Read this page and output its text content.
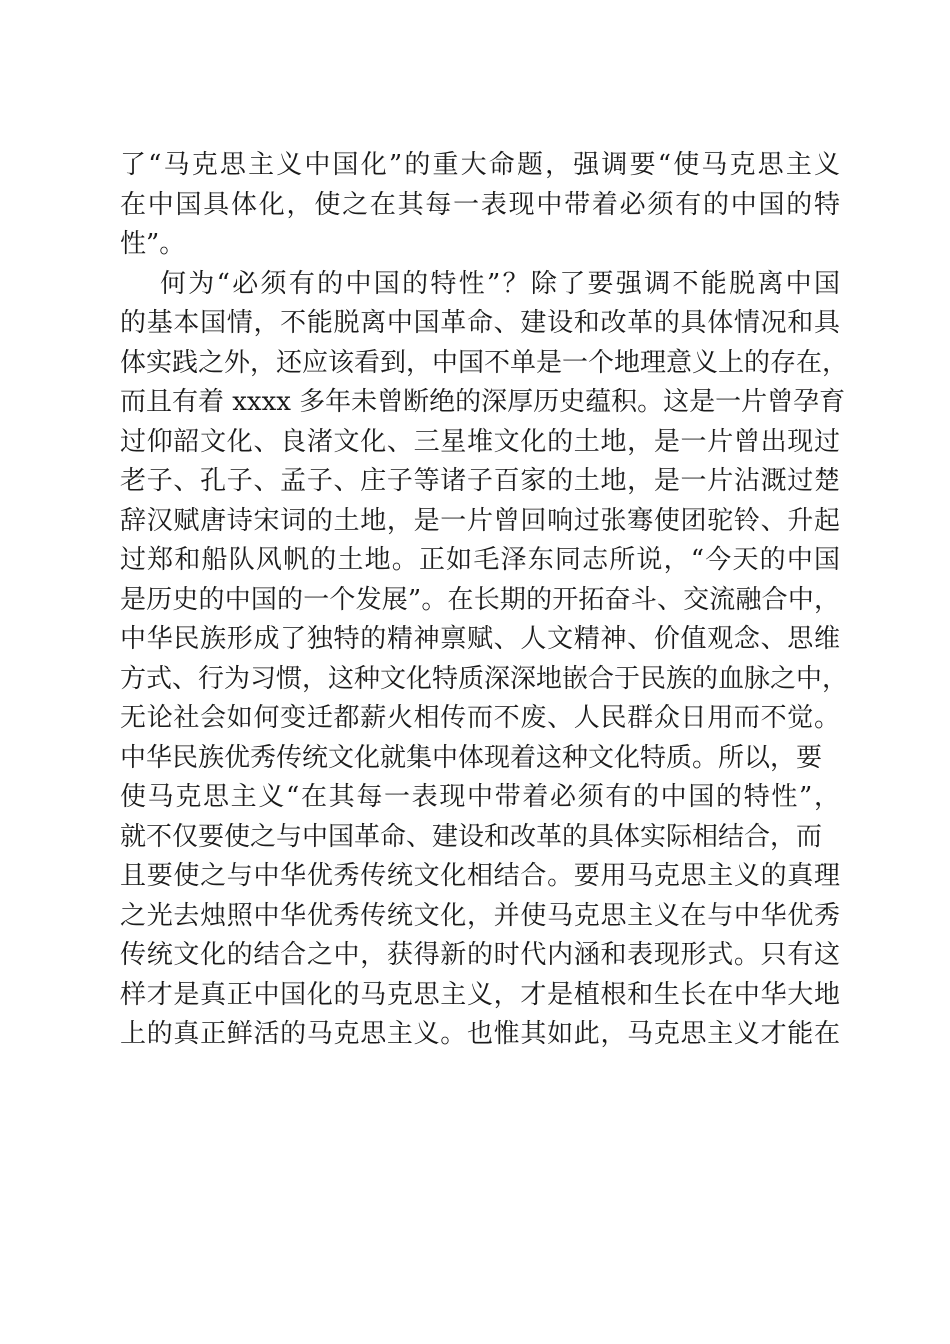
了“马克思主义中国化”的重大命题，强调要“使马克思主义
在中国具体化，使之在其每一表现中带着必须有的中国的特
性”。
何为“必须有的中国的特性”？除了要强调不能脱离中国
的基本国情，不能脱离中国革命、建设和改革的具体情况和具
体实践之外，还应该看到，中国不单是一个地理意义上的存在，
而且有着 xxxx 多年未曾断绝的深厚历史蕴积。这是一片曾孕育
过仰韶文化、良渚文化、三星堆文化的土地，是一片曾出现过
老子、孔子、孟子、庄子等诸子百家的土地，是一片沾溉过楚
辞汉赋唐诗宋词的土地，是一片曾回响过张骞使团驼铃、升起
过郑和船队风帆的土地。正如毛泽东同志所说，“今天的中国
是历史的中国的一个发展”。在长期的开拓奋斗、交流融合中，
中华民族形成了独特的精神禀赋、人文精神、价值观念、思维
方式、行为习惯，这种文化特质深深地嵌合于民族的血脉之中，
无论社会如何变迁都薪火相传而不废、人民群众日用而不觉。
中华民族优秀传统文化就集中体现着这种文化特质。所以，要
使马克思主义“在其每一表现中带着必须有的中国的特性”，
就不仅要使之与中国革命、建设和改革的具体实际相结合，而
且要使之与中华优秀传统文化相结合。要用马克思主义的真理
之光去烛照中华优秀传统文化，并使马克思主义在与中华优秀
传统文化的结合之中，获得新的时代内涵和表现形式。只有这
样才是真正中国化的马克思主义，才是植根和生长在中华大地
上的真正鲜活的马克思主义。也惟其如此，马克思主义才能在
